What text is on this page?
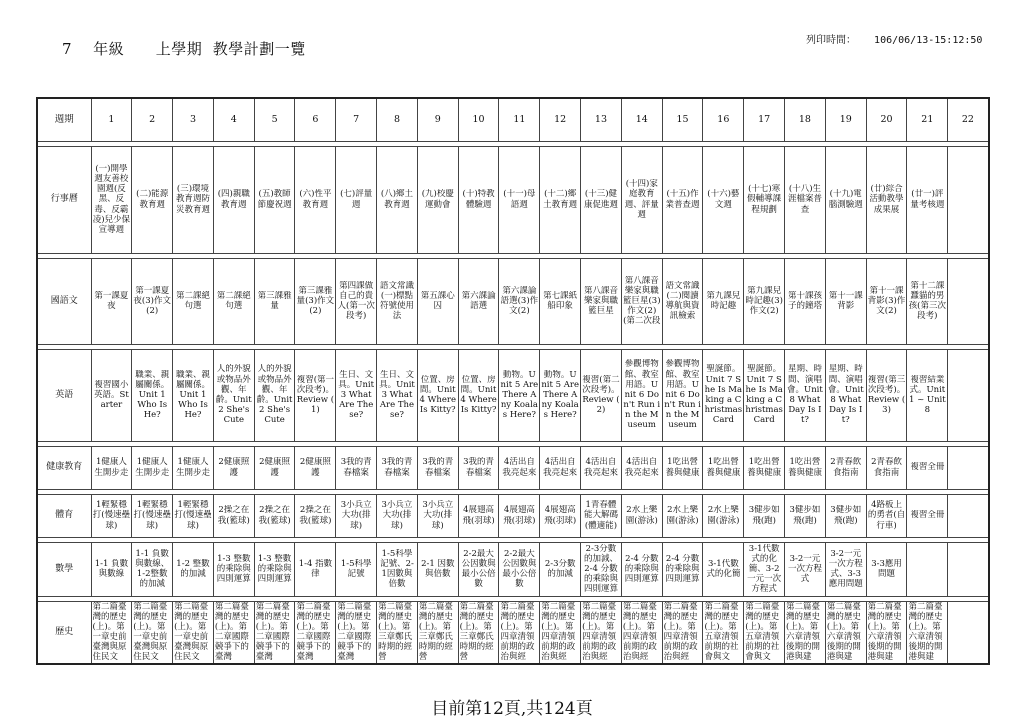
7    年級      上學期  教學計劃一覽	列印時間：   106/06/13-15:12:50
週期	1	2	3	4	5	6	7	8	9	10	11	12	13	14	15	16	17	18	19	20	21	22

行事曆	(一)開學週友善校園週(反黑、反毒、反霸凌)兒少保宣導週	(二)能源教育週	(三)環境教育週防災教育週	(四)親職教育週	(五)教師節慶祝週	(六)性平教育週	(七)評量週	(八)鄉土教育週	(九)校慶運動會	(十)特教體驗週	(十一)母語週	(十二)鄉土教育週	(十三)健康促進週	(十四)家庭教育週、評量週	(十五)作業普查週	(十六)藝文週	(十七)寒假輔導課程規劃	(十八)生涯檔案普查	(十九)電腦測驗週	(廿)綜合活動教學成果展	(廿一)評量考核週	

國語文	第一課夏夜	第一課夏夜(3)作文(2)	第二課絕句選	第二課絕句選	第三課雅量	第三課雅量(3)作文(2)	第四課做自己的貴人(第一次段考)	語文常識(一)標點符號使用法	第五課心囚	第六課論語選	第六課論語選(3)作文(2)	第七課紙船印象	第八課音樂家與職籃巨星	第八課音樂家與職籃巨星(3)作文(2)(第二次段	語文常識(二)閱讀導航與資訊檢索	第九課兒時記趣	第九課兒時記趣(3)作文(2)	第十課孩子的鐘塔	第十一課背影	第十一課背影(3)作文(2)	第十二課蠶貓的男孩(第三次段考)	

英語	複習國小英語。Starter	職業、親屬關係。Unit 1 Who Is He?	職業、親屬關係。Unit 1 Who Is He?	人的外貌或物品外觀、年齡。Unit 2 She's Cute	人的外貌或物品外觀、年齡。Unit 2 She's Cute	複習(第一次段考)。Review ( 1)	生日、文具。Unit 3 What Are These?	生日、文具。Unit 3 What Are These?	位置、房間。Unit 4 Where Is Kitty?	位置、房間。Unit 4 Where Is Kitty?	動物。Unit 5 Are There Any Koalas Here?	動物。Unit 5 Are There Any Koalas Here?	複習(第二次段考)。Review ( 2)	參觀博物館、教室用語。Unit 6 Don't Run in the Museum	參觀博物館、教室用語。Unit 6 Don't Run in the Museum	聖誕節。Unit 7 She Is Making a Christmas Card	聖誕節。Unit 7 She Is Making a Christmas Card	星期、時間、演唱會。Unit 8 What Day Is It?	星期、時間、演唱會。Unit 8 What Day Is It?	複習(第三次段考)。Review ( 3)	複習結業式。Unit 1 ~ Unit 8	

健康教育	1健康人生開步走	1健康人生開步走	1健康人生開步走	2健康照護	2健康照護	2健康照護	3我的青春檔案	3我的青春檔案	3我的青春檔案	3我的青春檔案	4活出自我亮起來	4活出自我亮起來	4活出自我亮起來	4活出自我亮起來	1吃出營養與健康	1吃出營養與健康	1吃出營養與健康	1吃出營養與健康	2青春飲食指南	2青春飲食指南	複習全冊	

體育	1輕緊穩打(慢速壘球)	1輕緊穩打(慢速壘球)	1輕緊穩打(慢速壘球)	2操之在我(籃球)	2操之在我(籃球)	2操之在我(籃球)	3小兵立大功(排球)	3小兵立大功(排球)	3小兵立大功(排球)	4展翅高飛(羽球)	4展翅高飛(羽球)	4展翅高飛(羽球)	1青春體能大解碼(體適能)	2水上樂園(游泳)	2水上樂園(游泳)	2水上樂園(游泳)	3健步如飛(跑)	3健步如飛(跑)	3健步如飛(跑)	4路板上的勇者(自行車)	複習全冊	

數學	1-1 負數與數線	1-1 負數與數線、1-2整數的加減	1-2 整數的加減	1-3 整數的乘除與四則運算	1-3 整數的乘除與四則運算	1-4 指數律	1-5科學記號	1-5科學記號、2-1因數與倍數	2-1 因數與倍數	2-2最大公因數與最小公倍數	2-2最大公因數與最小公倍數	2-3分數的加減	2-3分數的加減、2-4 分數的乘除與四則運算	2-4 分數的乘除與四則運算	2-4 分數的乘除與四則運算	3-1代數式的化簡	3-1代數式的化簡、3-2一元一次方程式	3-2一元一次方程式	3-2一元一次方程式、3-3應用問題	3-3應用問題		

歷史	第二篇臺灣的歷史(上)。第一章史前臺灣與原住民文	第二篇臺灣的歷史(上)。第一章史前臺灣與原住民文	第二篇臺灣的歷史(上)。第一章史前臺灣與原住民文	第二篇臺灣的歷史(上)。第二章國際競爭下的臺灣	第二篇臺灣的歷史(上)。第二章國際競爭下的臺灣	第二篇臺灣的歷史(上)。第二章國際競爭下的臺灣	第二篇臺灣的歷史(上)。第二章國際競爭下的臺灣	第二篇臺灣的歷史(上)。第三章鄭氏時期的經營	第二篇臺灣的歷史(上)。第三章鄭氏時期的經營	第二篇臺灣的歷史(上)。第三章鄭氏時期的經營	第二篇臺灣的歷史(上)。第四章清領前期的政治與經	第二篇臺灣的歷史(上)。第四章清領前期的政治與經	第二篇臺灣的歷史(上)。第四章清領前期的政治與經	第二篇臺灣的歷史(上)。第四章清領前期的政治與經	第二篇臺灣的歷史(上)。第四章清領前期的政治與經	第二篇臺灣的歷史(上)。第五章清領前期的社會與文	第二篇臺灣的歷史(上)。第五章清領前期的社會與文	第二篇臺灣的歷史(上)。第六章清領後期的開港與建	第二篇臺灣的歷史(上)。第六章清領後期的開港與建	第二篇臺灣的歷史(上)。第六章清領後期的開港與建	第二篇臺灣的歷史(上)。第六章清領後期的開港與建	

目前第12頁,共124頁
